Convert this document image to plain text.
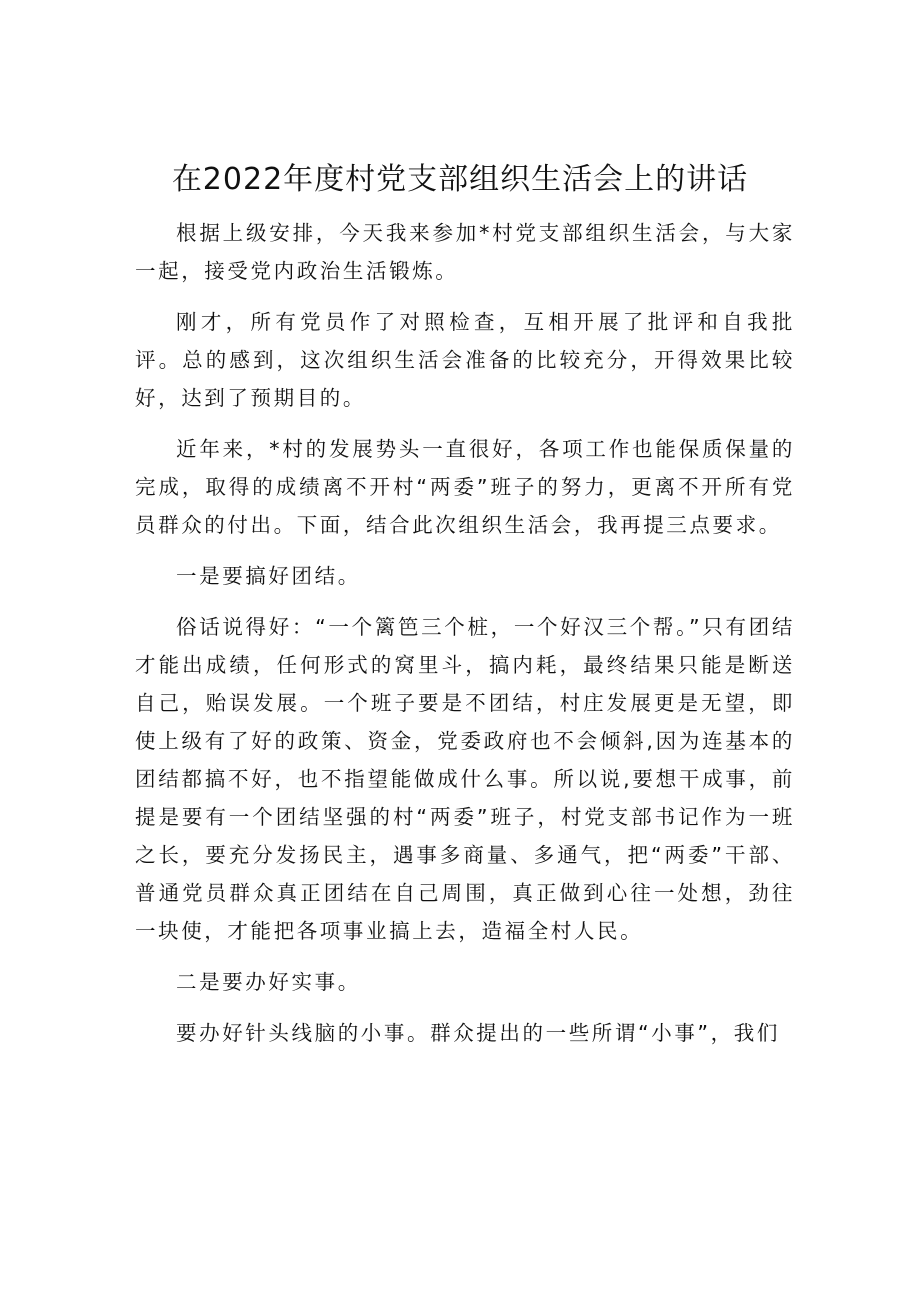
在2022年度村党支部组织生活会上的讲话

根据上级安排，今天我来参加*村党支部组织生活会，与大家一起，接受党内政治生活锻炼。

刚才，所有党员作了对照检查，互相开展了批评和自我批评。总的感到，这次组织生活会准备的比较充分，开得效果比较好，达到了预期目的。

近年来，*村的发展势头一直很好，各项工作也能保质保量的完成，取得的成绩离不开村“两委”班子的努力，更离不开所有党员群众的付出。下面，结合此次组织生活会，我再提三点要求。

一是要搞好团结。

俗话说得好：“一个篱笆三个桩，一个好汉三个帮。”只有团结才能出成绩，任何形式的窝里斗，搞内耗，最终结果只能是断送自己，贻误发展。一个班子要是不团结，村庄发展更是无望，即使上级有了好的政策、资金，党委政府也不会倾斜,因为连基本的团结都搞不好，也不指望能做成什么事。所以说,要想干成事，前提是要有一个团结坚强的村“两委”班子，村党支部书记作为一班之长，要充分发扬民主，遇事多商量、多通气，把“两委”干部、普通党员群众真正团结在自己周围，真正做到心往一处想，劲往一块使，才能把各项事业搞上去，造福全村人民。

二是要办好实事。

要办好针头线脑的小事。群众提出的一些所谓“小事”，我们
